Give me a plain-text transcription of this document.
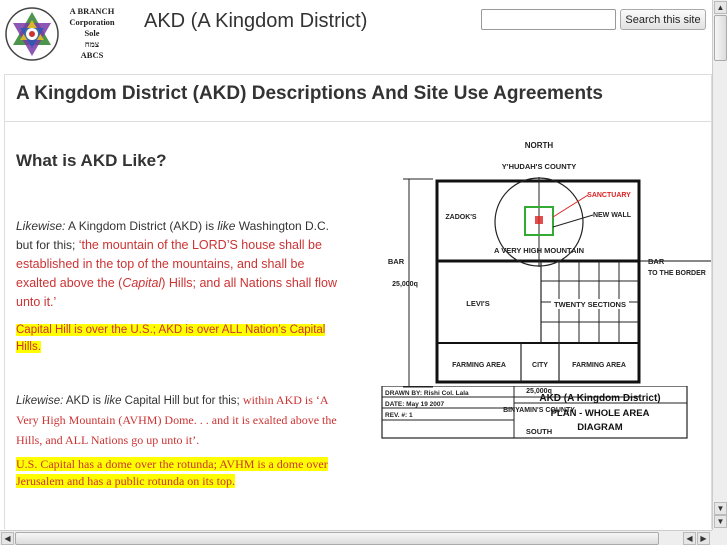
A BRANCH
Corporation
Sole
צמח
ABCS
AKD (A Kingdom District)	Search this site
A Kingdom District (AKD) Descriptions And Site Use Agreements
What is AKD Like?
Likewise: A Kingdom District (AKD) is like Washington D.C. but for this; ‘the mountain of the LORD’S house shall be established in the top of the mountains, and shall be exalted above the (Capital) Hills; and all Nations shall flow unto it.’
Capital Hill is over the U.S.; AKD is over ALL Nation’s Capital Hills.
Likewise: AKD is like Capital Hill but for this; within AKD is ‘A Very High Mountain (AVHM) Dome. . . and it is exalted above the Hills, and ALL Nations go up unto it’.
U.S. Capital has a dome over the rotunda; AVHM is a dome over Jerusalem and has a public rotunda on its top.
NORTH
Y'HUDAH'S COUNTY
SANCTUARY
NEW WALL
ZADOK'S
A VERY HIGH MOUNTAIN
BAR	BAR
TO THE BORDER
25,000q
LEVI'S	TWENTY SECTIONS
FARMING AREA	CITY	FARMING AREA
25,000q
BINYAMIN'S COUNTY
SOUTH
DRAWN BY: Rishi Col. Lala
DATE: May 19 2007
REV. #: 1
AKD (A Kingdom District)
PLAN - WHOLE AREA
DIAGRAM
▲
▼
▼
◀	◀ ▶
